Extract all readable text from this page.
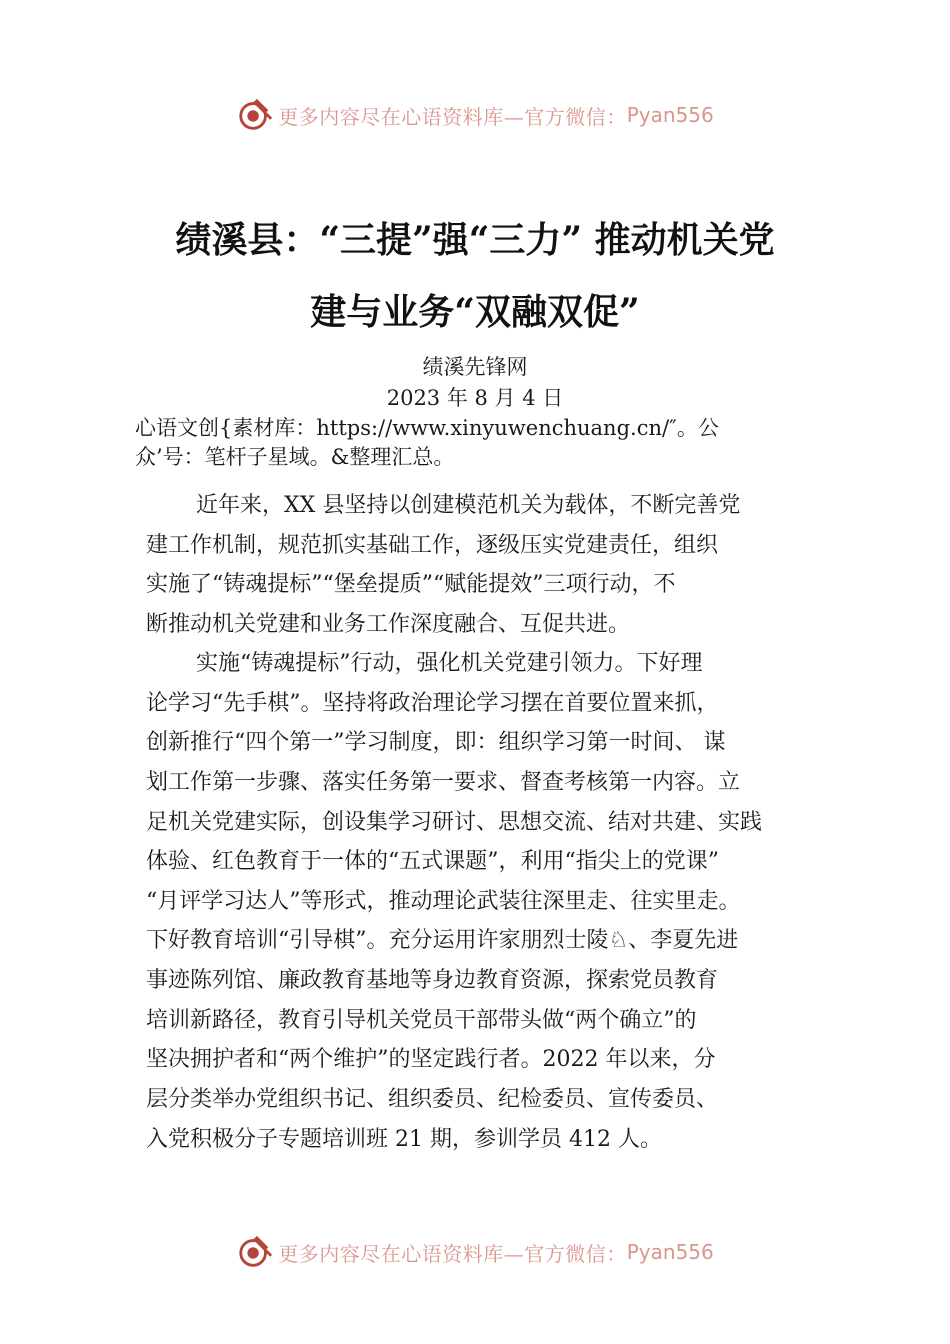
更多内容尽在心语资料库—官方微信： Pyan556
绩溪县：“三提”强“三力” 推动机关党
建与业务“双融双促”
绩溪先锋网
2023 年 8 月 4 日
心语文创{素材库：https://www.xinyuwenchuang.cn/″。公
众’号：笔杆子星域。&整理汇总。
近年来，XX 县坚持以创建模范机关为载体，不断完善党
建工作机制，规范抓实基础工作，逐级压实党建责任，组织
实施了“铸魂提标”“堡垒提质”“赋能提效”三项行动，不
断推动机关党建和业务工作深度融合、互促共进。
实施“铸魂提标”行动，强化机关党建引领力。下好理
论学习“先手棋”。坚持将政治理论学习摆在首要位置来抓，
创新推行“四个第一”学习制度，即：组织学习第一时间、 谋
划工作第一步骤、落实任务第一要求、督查考核第一内容。立
足机关党建实际，创设集学习研讨、思想交流、结对共建、实践
体验、红色教育于一体的“五式课题”，利用“指尖上的党课”
“月评学习达人”等形式，推动理论武装往深里走、往实里走。
下好教育培训“引导棋”。充分运用许家朋烈士陵♘、李夏先进
事迹陈列馆、廉政教育基地等身边教育资源，探索党员教育
培训新路径，教育引导机关党员干部带头做“两个确立”的
坚决拥护者和“两个维护”的坚定践行者。2022 年以来，分
层分类举办党组织书记、组织委员、纪检委员、宣传委员、
入党积极分子专题培训班 21 期，参训学员 412 人。
更多内容尽在心语资料库—官方微信： Pyan556
